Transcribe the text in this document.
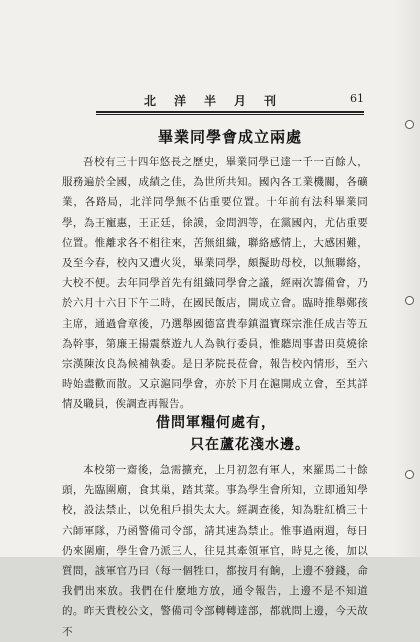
北洋半月刊	61
畢業同學會成立兩處

吾校有三十四年悠長之歷史，畢業同學已達一千一百餘人，服務遍於全國，成績之佳，為世所共知。國內各工業機關，各礦業，各路局，北洋同學無不佔重要位置。十年前有法科畢業同學，為王寵惠，王正廷，徐謨，金問泗等，在黨國內，尤佔重要位置。惟離求各不相往來，苦無組織，聯絡感情上，大感困難，及至今春，校內又遭火災，畢業同學，頗擬助母校，以無聯絡，大校不便。去年同學首先有組織同學會之議，經兩次籌備會，乃於六月十六日下午二時，在國民飯店，開成立會。臨時推舉鄭孩主席，通過會章後，乃選舉國德富貴奉鎮溫寶琛宗淮任成吉等五為幹事，第廉王揚震蔡遊九人為執行委員，惟聽周事書田莫燒徐宗漢陳汝良為候補執委。是日茅院長莅會，報告校內情形，至六時始盡歡而散。又京滬同學會，亦於下月在滬開成立會，至其詳情及職員，俟調查再報告。

借問軍糧何處有，
只在蘆花淺水邊。

本校第一齋後，急需擴充，上月初忽有軍人，來羅馬二十餘頭，先臨圍廟，食其巢，踏其菜。事為學生會所知，立即通知學校，設法禁止，以免租戶損失太大。經調查後，知為駐紅橋三十六師軍隊，乃函警備司令部，請其速為禁止。惟事過兩週，每日仍來圍廟，學生會乃派三人，往見其牽領軍官，時見之後，加以質問，該軍官乃曰（每一個牲口，都按月有餉，上邊不發錢，命我們出來放。我們在什麼地方放，通令報告，上邊不是不知道的。昨天貴校公文，警備司令部轉轉達部，都就問上邊，今天故不
